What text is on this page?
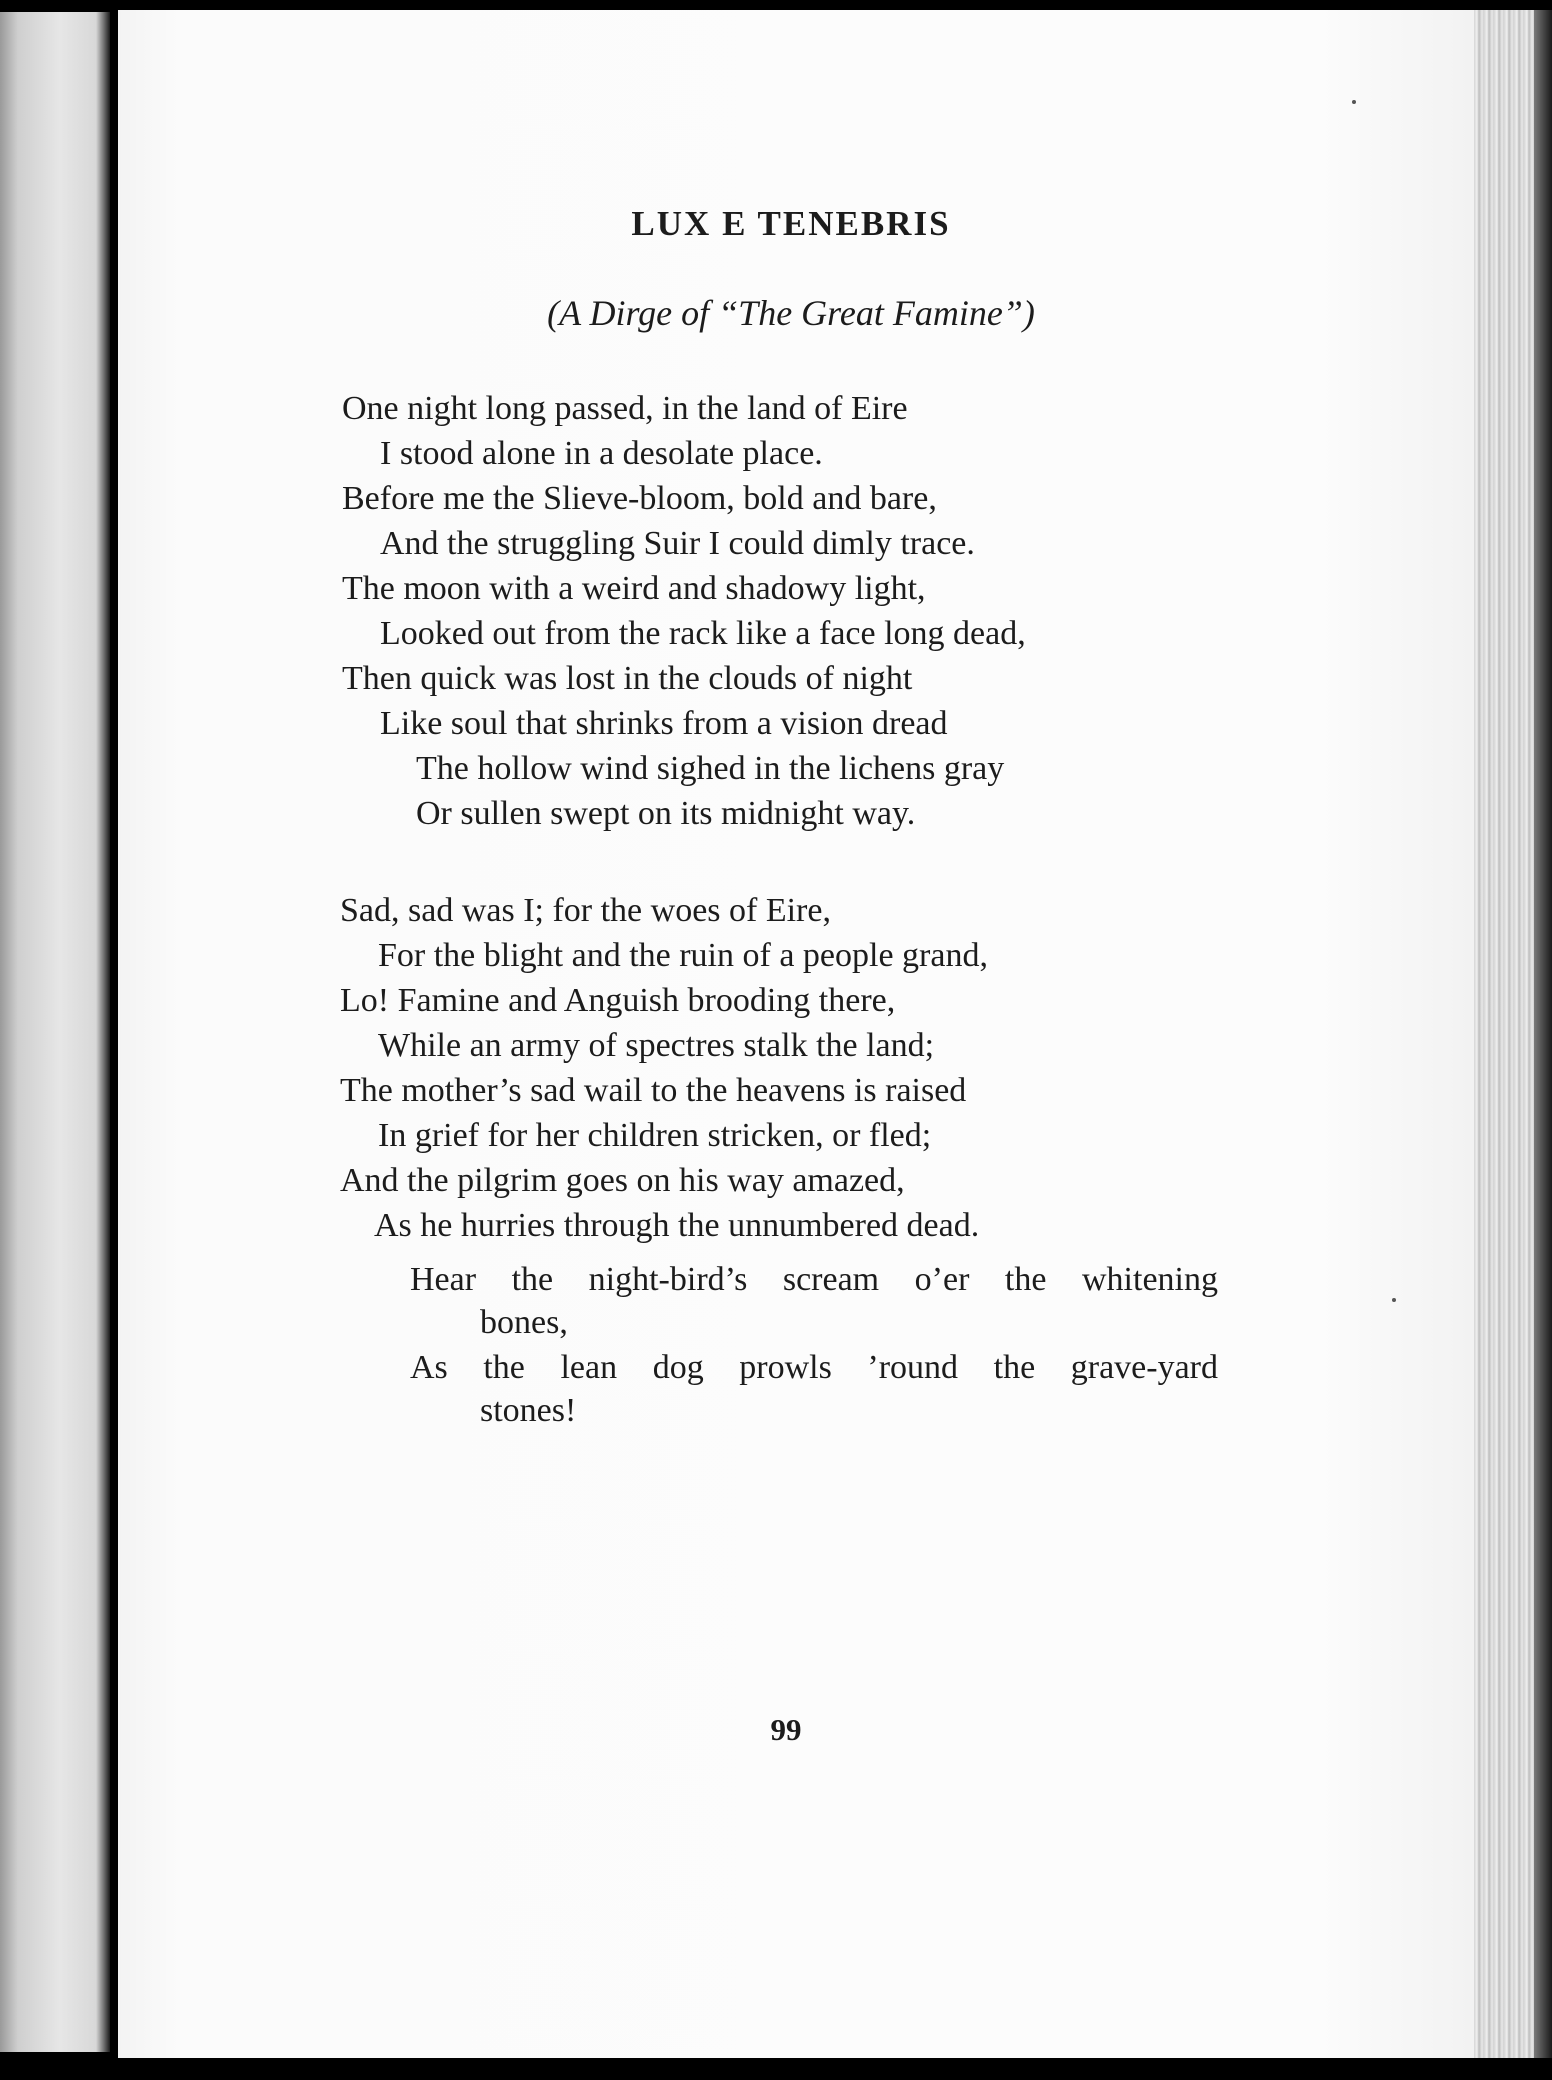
LUX E TENEBRIS
(A Dirge of “The Great Famine”)

One night long passed, in the land of Eire

I stood alone in a desolate place.

Before me the Slieve-bloom, bold and bare,

And the struggling Suir I could dimly trace.

The moon with a weird and shadowy light,

Looked out from the rack like a face long dead,

Then quick was lost in the clouds of night

Like soul that shrinks from a vision dread

The hollow wind sighed in the lichens gray

Or sullen swept on its midnight way.

Sad, sad was I; for the woes of Eire,

For the blight and the ruin of a people grand,

Lo! Famine and Anguish brooding there,

While an army of spectres stalk the land;

The mother’s sad wail to the heavens is raised

In grief for her children stricken, or fled;

And the pilgrim goes on his way amazed,

As he hurries through the unnumbered dead.

Hear the night-bird’s scream o’er the whitening

bones,

As the lean dog prowls ’round the grave-yard

stones!

99
